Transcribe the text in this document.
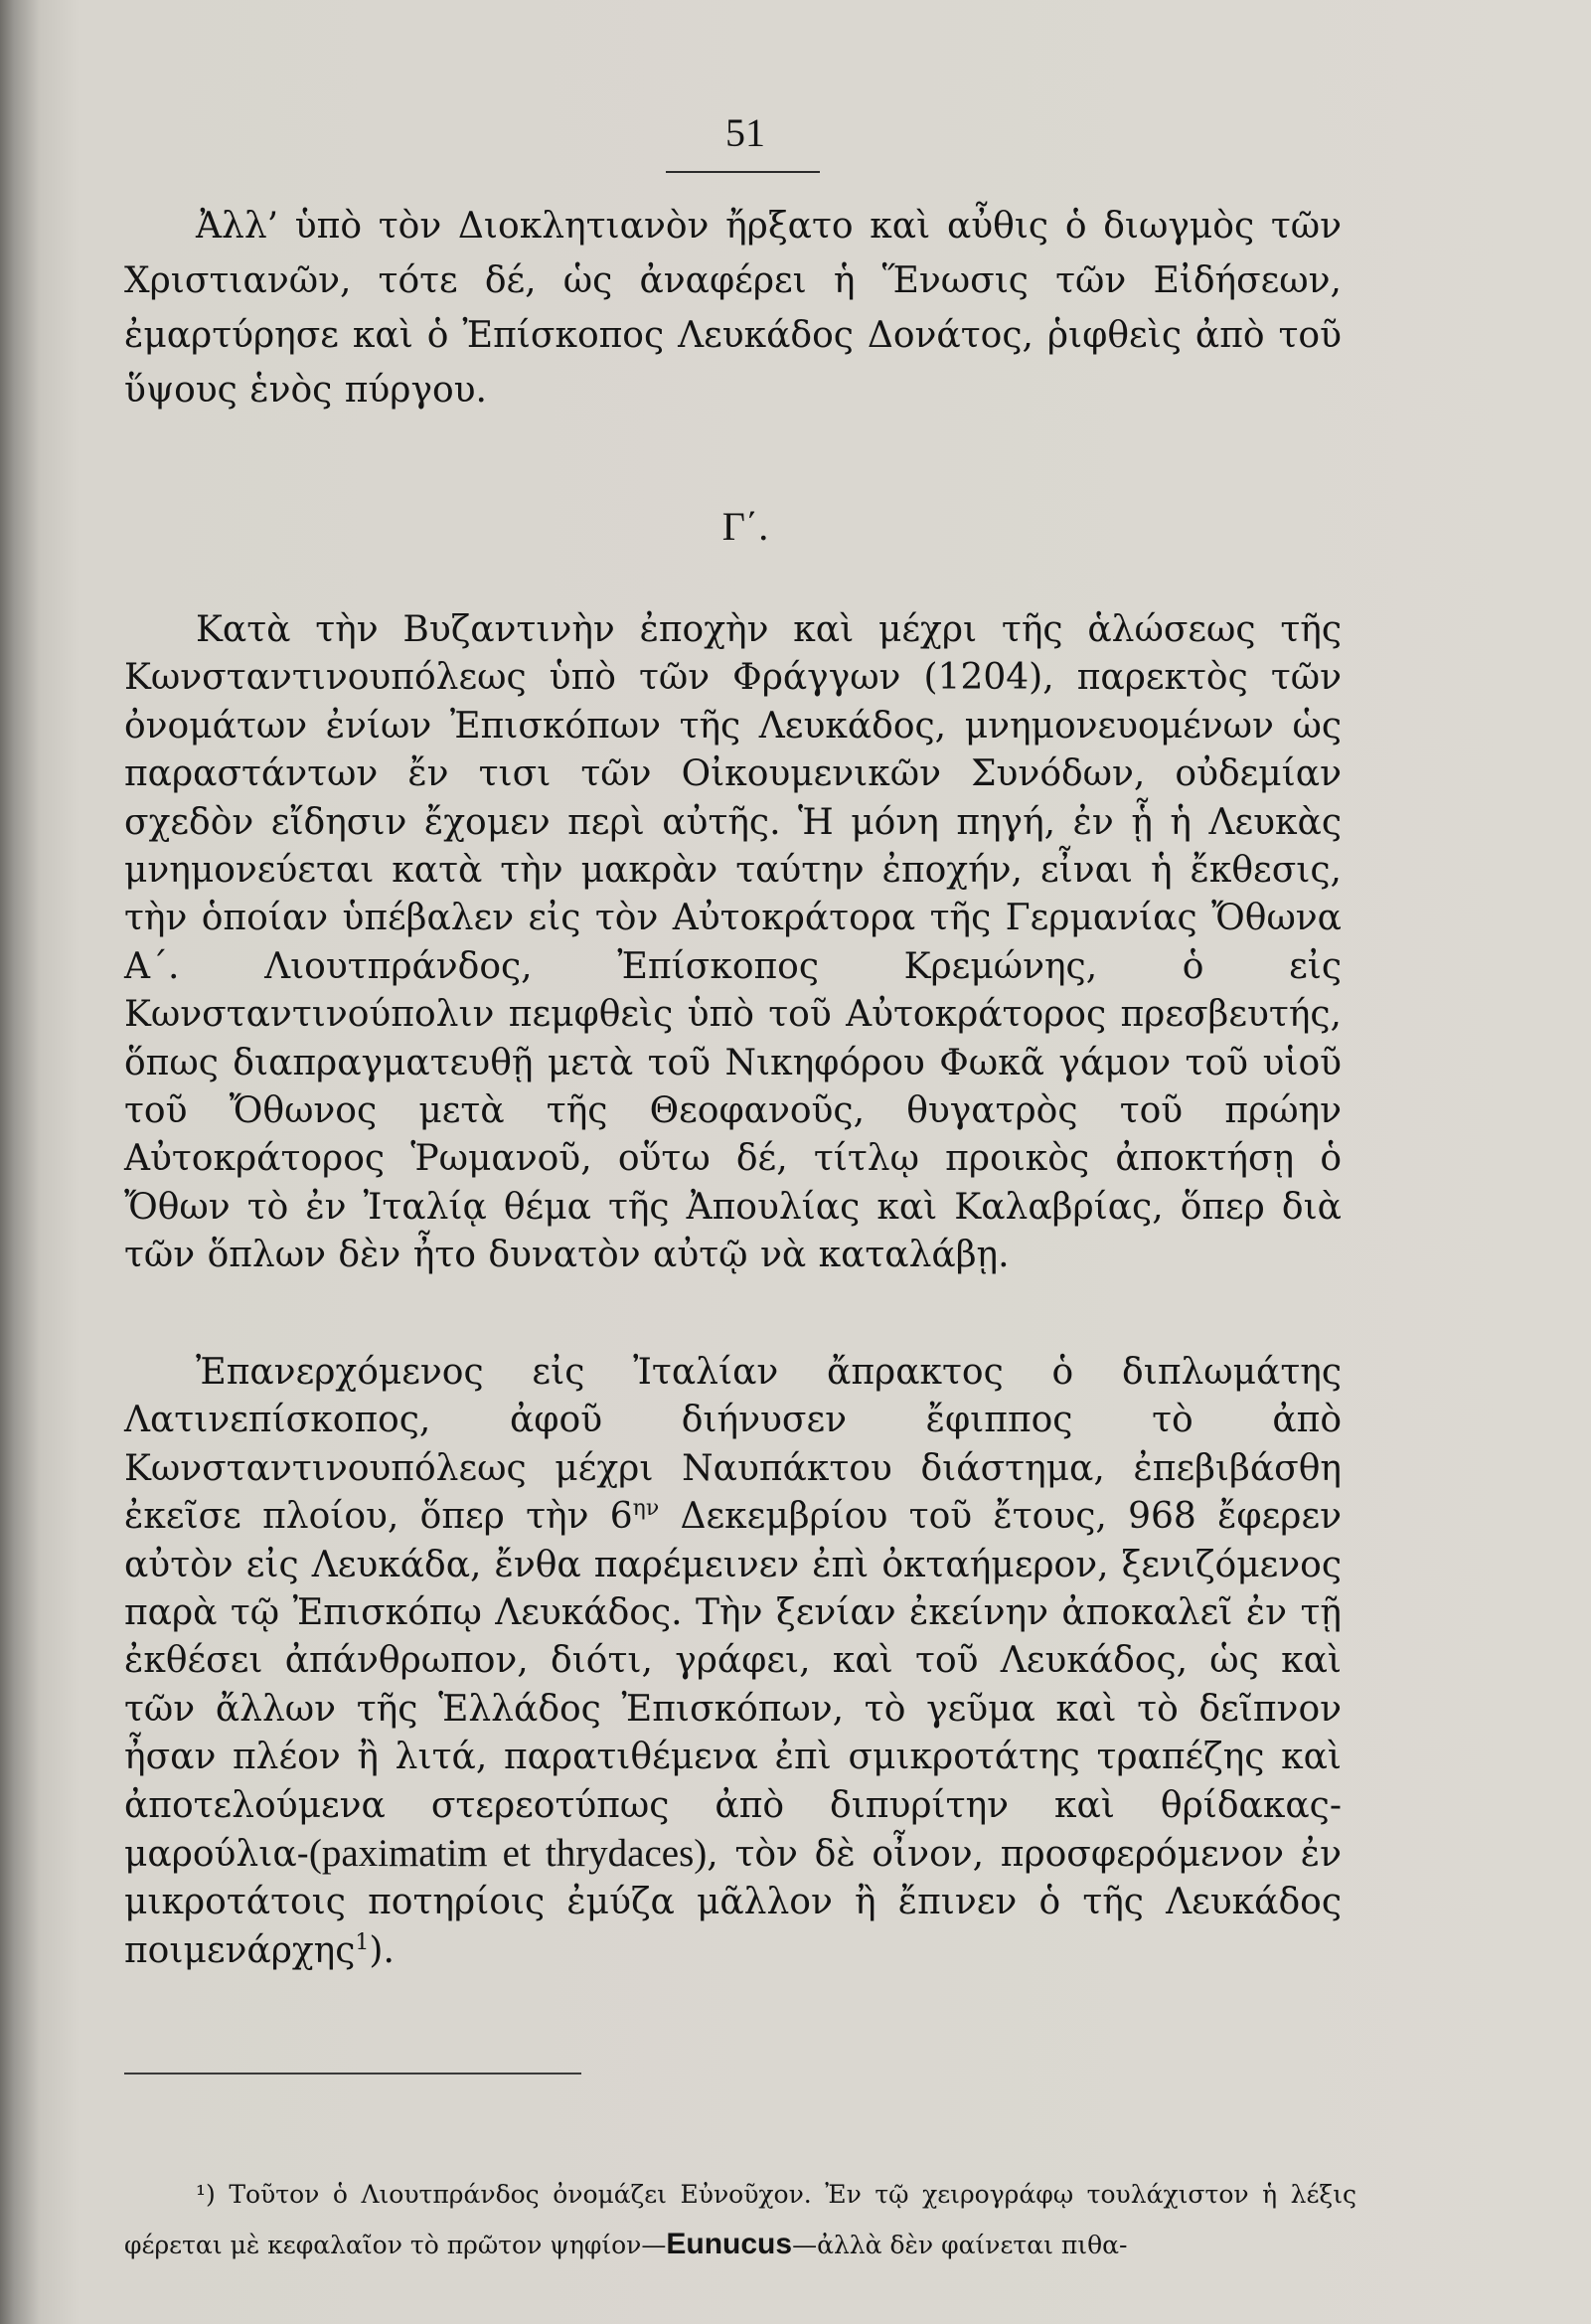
51

Ἀλλ’ ὑπὸ τὸν Διοκλητιανὸν ἤρξατο καὶ αὖθις ὁ διωγμὸς τῶν Χριστιανῶν, τότε δέ, ὡς ἀναφέρει ἡ Ἕνωσις τῶν Εἰδήσεων, ἐμαρτύρησε καὶ ὁ Ἐπίσκοπος Λευκάδος Δονάτος, ῥιφθεὶς ἀπὸ τοῦ ὕψους ἑνὸς πύργου.

Γ΄.

Κατὰ τὴν Βυζαντινὴν ἐποχὴν καὶ μέχρι τῆς ἁλώσεως τῆς Κωνσταντινουπόλεως ὑπὸ τῶν Φράγγων (1204), παρεκτὸς τῶν ὀνομάτων ἐνίων Ἐπισκόπων τῆς Λευκάδος, μνημονευομένων ὡς παραστάντων ἔν τισι τῶν Οἰκουμενικῶν Συνόδων, οὐδεμίαν σχεδὸν εἴδησιν ἔχομεν περὶ αὐτῆς. Ἡ μόνη πηγή, ἐν ᾗ ἡ Λευκὰς μνημονεύεται κατὰ τὴν μακρὰν ταύτην ἐποχήν, εἶναι ἡ ἔκθεσις, τὴν ὁποίαν ὑπέβαλεν εἰς τὸν Αὐτοκράτορα τῆς Γερμανίας Ὄθωνα Α΄. Λιουτπράνδος, Ἐπίσκοπος Κρεμώνης, ὁ εἰς Κωνσταντινούπολιν πεμφθεὶς ὑπὸ τοῦ Αὐτοκράτορος πρεσβευτής, ὅπως διαπραγματευθῇ μετὰ τοῦ Νικηφόρου Φωκᾶ γάμον τοῦ υἱοῦ τοῦ Ὄθωνος μετὰ τῆς Θεοφανοῦς, θυγατρὸς τοῦ πρώην Αὐτοκράτορος Ῥωμανοῦ, οὕτω δέ, τίτλῳ προικὸς ἀποκτήσῃ ὁ Ὄθων τὸ ἐν Ἰταλίᾳ θέμα τῆς Ἀπουλίας καὶ Καλαβρίας, ὅπερ διὰ τῶν ὅπλων δὲν ἦτο δυνατὸν αὐτῷ νὰ καταλάβῃ.

Ἐπανερχόμενος εἰς Ἰταλίαν ἄπρακτος ὁ διπλωμάτης Λατινεπίσκοπος, ἀφοῦ διήνυσεν ἔφιππος τὸ ἀπὸ Κωνσταντινουπόλεως μέχρι Ναυπάκτου διάστημα, ἐπεβιβάσθη ἐκεῖσε πλοίου, ὅπερ τὴν $6^{\eta\nu}$ Δεκεμβρίου τοῦ ἔτους, 968 ἔφερεν αὐτὸν εἰς Λευκάδα, ἔνθα παρέμεινεν ἐπὶ ὀκταήμερον, ξενιζόμενος παρὰ τῷ Ἐπισκόπῳ Λευκάδος. Τὴν ξενίαν ἐκείνην ἀποκαλεῖ ἐν τῇ ἐκθέσει ἀπάνθρωπον, διότι, γράφει, καὶ τοῦ Λευκάδος, ὡς καὶ τῶν ἄλλων τῆς Ἑλλάδος Ἐπισκόπων, τὸ γεῦμα καὶ τὸ δεῖπνον ἦσαν πλέον ἢ λιτά, παρατιθέμενα ἐπὶ σμικροτάτης τραπέζης καὶ ἀποτελούμενα στερεοτύπως ἀπὸ διπυρίτην καὶ θρίδακας-μαρούλια-(paximatim et thrydaces), τὸν δὲ οἶνον, προσφερόμενον ἐν μικροτάτοις ποτηρίοις ἐμύζα μᾶλλον ἢ ἔπινεν ὁ τῆς Λευκάδος ποιμενάρχης$^1$).

¹) Τοῦτον ὁ Λιουτπράνδος ὀνομάζει Εὐνοῦχον. Ἐν τῷ χειρογράφῳ τουλάχιστον ἡ λέξις φέρεται μὲ κεφαλαῖον τὸ πρῶτον ψηφίον—Eunucus—ἀλλὰ δὲν φαίνεται πιθα-
